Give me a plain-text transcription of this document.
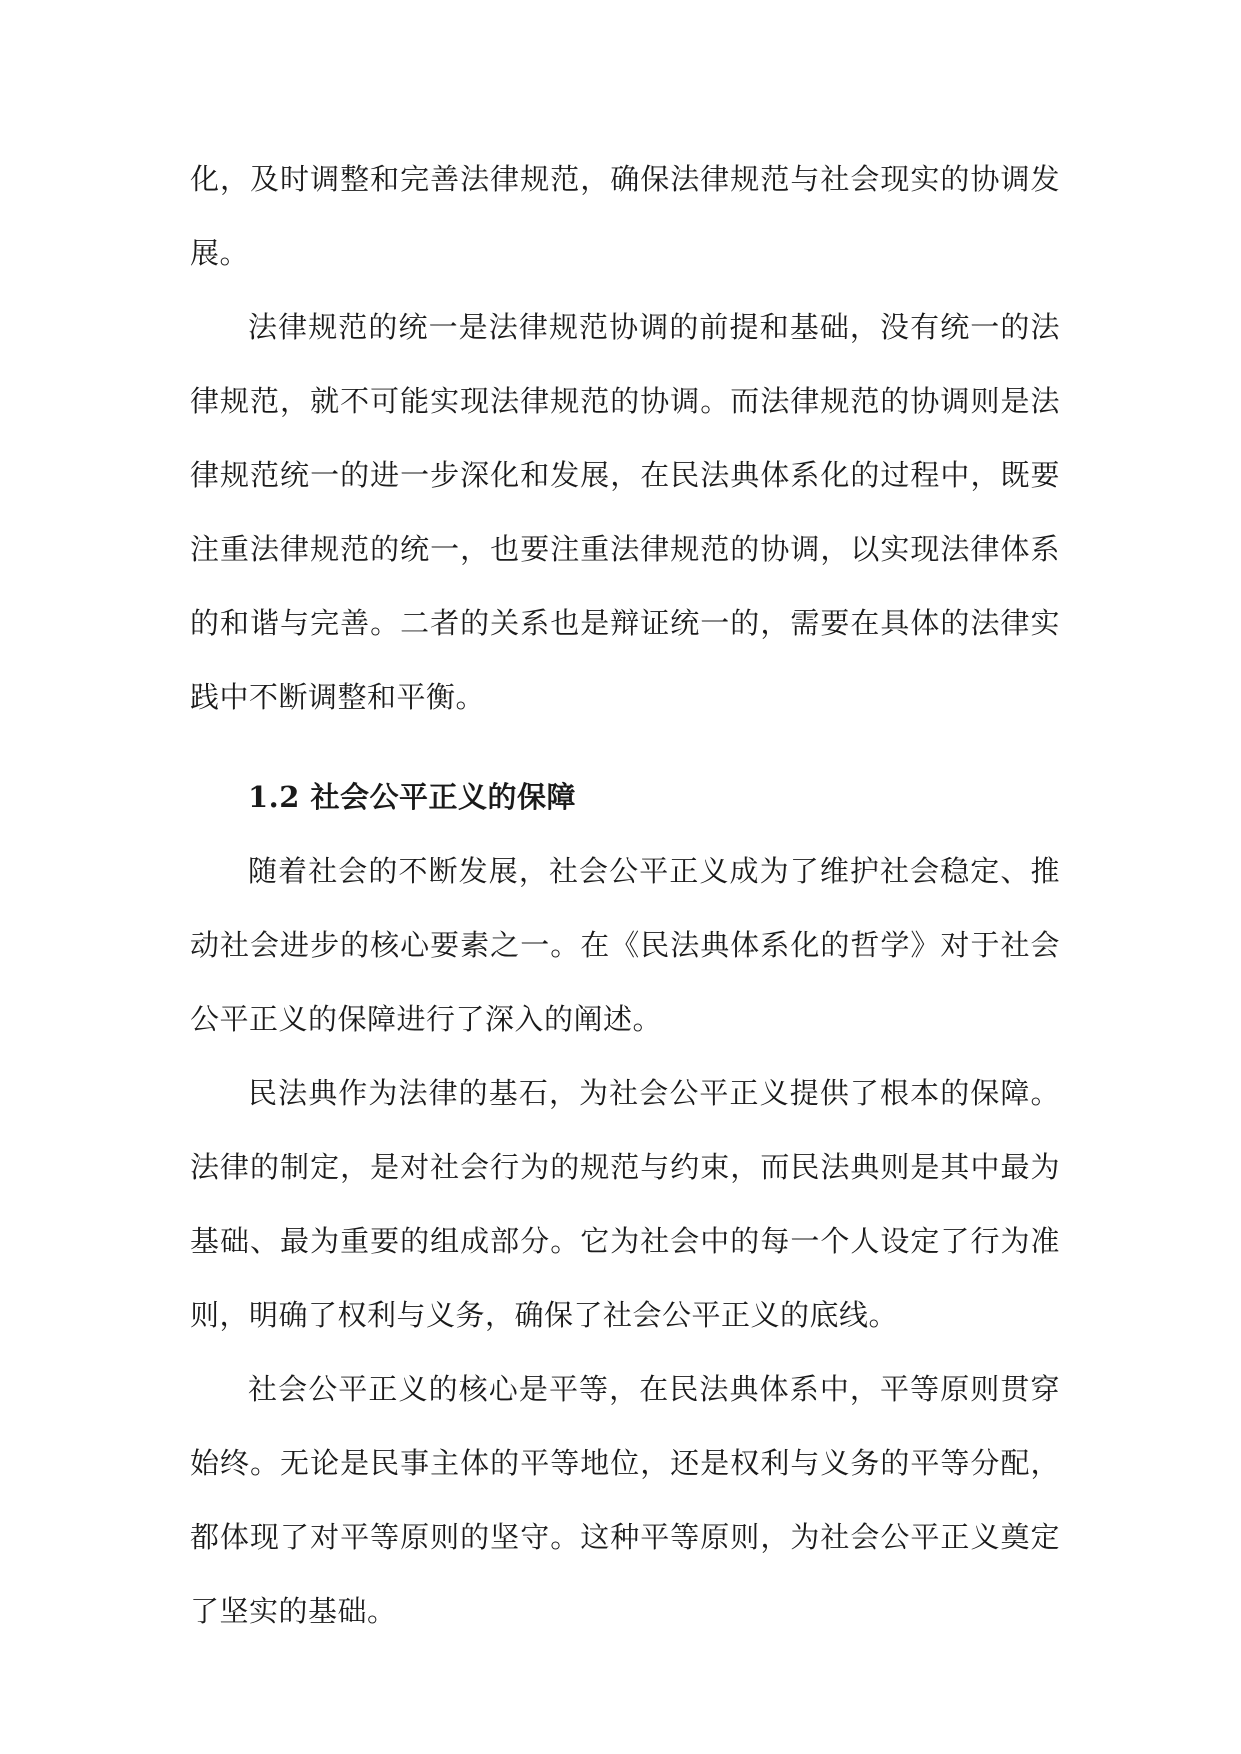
化，及时调整和完善法律规范，确保法律规范与社会现实的协调发展。

法律规范的统一是法律规范协调的前提和基础，没有统一的法律规范，就不可能实现法律规范的协调。而法律规范的协调则是法律规范统一的进一步深化和发展，在民法典体系化的过程中，既要注重法律规范的统一，也要注重法律规范的协调，以实现法律体系的和谐与完善。二者的关系也是辩证统一的，需要在具体的法律实践中不断调整和平衡。

1.2 社会公平正义的保障

随着社会的不断发展，社会公平正义成为了维护社会稳定、推动社会进步的核心要素之一。在《民法典体系化的哲学》对于社会公平正义的保障进行了深入的阐述。

民法典作为法律的基石，为社会公平正义提供了根本的保障。法律的制定，是对社会行为的规范与约束，而民法典则是其中最为基础、最为重要的组成部分。它为社会中的每一个人设定了行为准则，明确了权利与义务，确保了社会公平正义的底线。

社会公平正义的核心是平等，在民法典体系中，平等原则贯穿始终。无论是民事主体的平等地位，还是权利与义务的平等分配，都体现了对平等原则的坚守。这种平等原则，为社会公平正义奠定了坚实的基础。
